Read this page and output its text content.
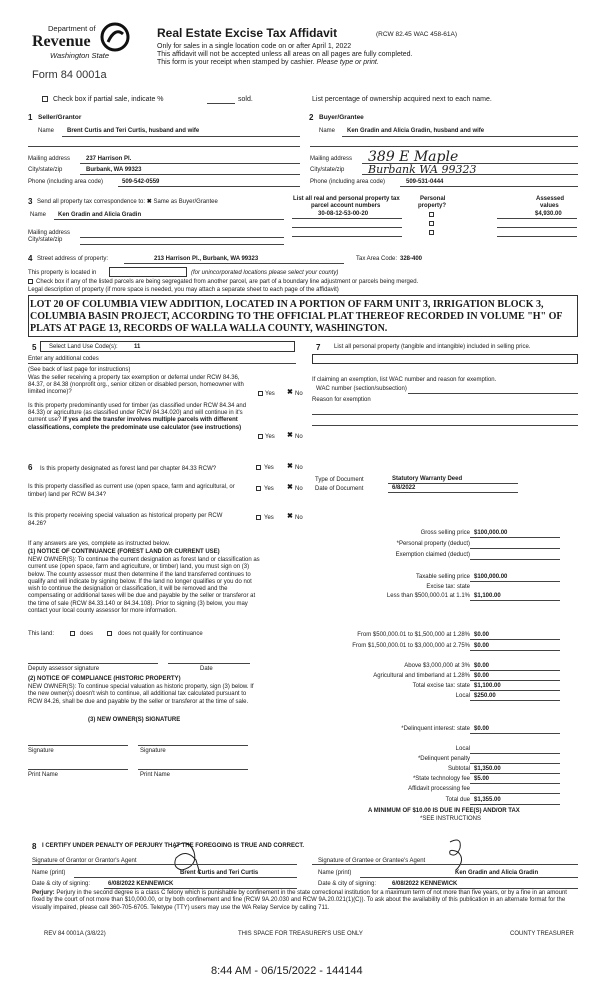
Department of
Revenue
Washington State
Form 84 0001a
Real Estate Excise Tax Affidavit	(RCW 82.45 WAC 458-61A)
Only for sales in a single location code on or after April 1, 2022
This affidavit will not be accepted unless all areas on all pages are fully completed.
This form is your receipt when stamped by cashier. Please type or print.
Check box if partial sale, indicate %	sold.	List percentage of ownership acquired next to each name.
1 Seller/Grantor
Name Brent Curtis and Teri Curtis, husband and wife
Mailing address	237 Harrison Pl.
City/state/zip	Burbank, WA 99323
Phone (including area code)	509-542-0559
2 Buyer/Grantee
Name Ken Gradin and Alicia Gradin, husband and wife
Mailing address 389 E Maple
City/state/zip Burbank WA 99323
Phone (including area code)	509-531-0444
3 Send all property tax correspondence to: ✖ Same as Buyer/Grantee
Name Ken Gradin and Alicia Gradin
Mailing address
City/state/zip
List all real and personal property tax
parcel account numbers
Personal
property?
Assessed
values
30-08-12-53-00-20	$4,930.00
4 Street address of property:	213 Harrison Pl., Burbank, WA 99323	Tax Area Code: 328-400
This property is located in	(for unincorporated locations please select your county)
Check box if any of the listed parcels are being segregated from another parcel, are part of a boundary line adjustment or parcels being merged.
Legal description of property (if more space is needed, you may attach a separate sheet to each page of the affidavit)
LOT 20 OF COLUMBIA VIEW ADDITION, LOCATED IN A PORTION OF FARM UNIT 3, IRRIGATION BLOCK 3, COLUMBIA BASIN PROJECT, ACCORDING TO THE OFFICIAL PLAT THEREOF RECORDED IN VOLUME "H" OF PLATS AT PAGE 13, RECORDS OF WALLA WALLA COUNTY, WASHINGTON.
5 Select Land Use Code(s):	11
Enter any additional codes
(See back of last page for instructions)
Was the seller receiving a property tax exemption or deferral under RCW 84.36, 84.37, or 84.38 (nonprofit org., senior citizen or disabled person, homeowner with limited income)?	Yes ✖ No
Is this property predominantly used for timber (as classified under RCW 84.34 and 84.33) or agriculture (as classified under RCW 84.34.020) and will continue in it's current use? If yes and the transfer involves multiple parcels with different classifications, complete the predominate use calculator (see instructions)
Yes ✖ No
7 List all personal property (tangible and intangible) included in selling price.
If claiming an exemption, list WAC number and reason for exemption.
WAC number (section/subsection)
Reason for exemption
6 Is this property designated as forest land per chapter 84.33 RCW?	Yes ✖ No
Is this property classified as current use (open space, farm and agricultural, or timber) land per RCW 84.34?
Yes ✖ No
Is this property receiving special valuation as historical property per RCW 84.26?
Yes ✖ No
If any answers are yes, complete as instructed below.
(1) NOTICE OF CONTINUANCE (FOREST LAND OR CURRENT USE)
NEW OWNER(S): To continue the current designation as forest land or classification as current use (open space, farm and agriculture, or timber) land, you must sign on (3) below. The county assessor must then determine if the land transferred continues to qualify and will indicate by signing below. If the land no longer qualifies or you do not wish to continue the designation or classification, it will be removed and the compensating or additional taxes will be due and payable by the seller or transferor at the time of sale (RCW 84.33.140 or 84.34.108). Prior to signing (3) below, you may contact your local county assessor for more information.
This land:	does	does not qualify for continuance
Deputy assessor signature	Date
(2) NOTICE OF COMPLIANCE (HISTORIC PROPERTY)
NEW OWNER(S): To continue special valuation as historic property, sign (3) below. If the new owner(s) doesn't wish to continue, all additional tax calculated pursuant to RCW 84.26, shall be due and payable by the seller or transferor at the time of sale.
(3) NEW OWNER(S) SIGNATURE
Signature	Signature
Print Name	Print Name
Type of Document	Statutory Warranty Deed
Date of Document	6/8/2022
Gross selling price $100,000.00
*Personal property (deduct)
Exemption claimed (deduct)
Taxable selling price $100,000.00
Excise tax: state
Less than $500,000.01 at 1.1% $1,100.00
From $500,000.01 to $1,500,000 at 1.28% $0.00
From $1,500,000.01 to $3,000,000 at 2.75% $0.00
Above $3,000,000 at 3% $0.00
Agricultural and timberland at 1.28% $0.00
Total excise tax: state $1,100.00
Local $250.00
*Delinquent interest: state $0.00
Local
*Delinquent penalty
Subtotal $1,350.00
*State technology fee $5.00
Affidavit processing fee
Total due $1,355.00
A MINIMUM OF $10.00 IS DUE IN FEE(S) AND/OR TAX
*SEE INSTRUCTIONS
8 I CERTIFY UNDER PENALTY OF PERJURY THAT THE FOREGOING IS TRUE AND CORRECT.
Signature of Grantor or Grantor's Agent	Signature of Grantee or Grantee's Agent
Name (print)	Brent Curtis and Teri Curtis	Name (print)	Ken Gradin and Alicia Gradin
Date & city of signing:	6/08/2022 KENNEWICK	Date & city of signing:	6/08/2022 KENNEWICK
Perjury: Perjury in the second degree is a class C felony which is punishable by confinement in the state correctional institution for a maximum term of not more than five years, or by a fine in an amount fixed by the court of not more than $10,000.00, or by both confinement and fine (RCW 9A.20.030 and RCW 9A.20.021(1)(C)). To ask about the availability of this publication in an alternate format for the visually impaired, please call 360-705-6705. Teletype (TTY) users may use the WA Relay Service by calling 711.
REV 84 0001A (3/8/22)	THIS SPACE FOR TREASURER'S USE ONLY	COUNTY TREASURER
8:44 AM - 06/15/2022 - 144144
